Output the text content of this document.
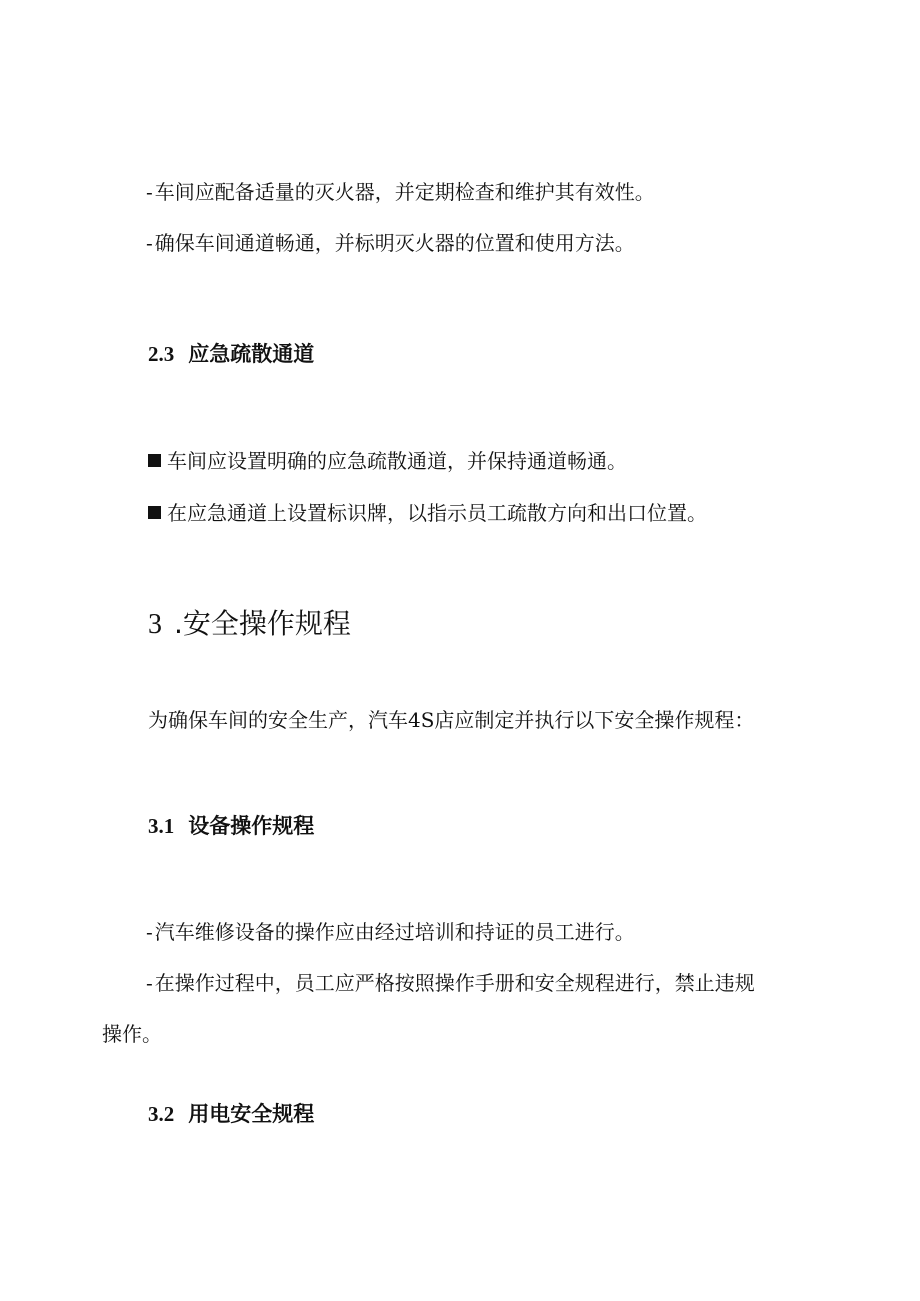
- 车间应配备适量的灭火器，并定期检查和维护其有效性。
- 确保车间通道畅通，并标明灭火器的位置和使用方法。
2.3 应急疏散通道
车间应设置明确的应急疏散通道，并保持通道畅通。
在应急通道上设置标识牌，以指示员工疏散方向和出口位置。
3 .安全操作规程
为确保车间的安全生产，汽车4S店应制定并执行以下安全操作规程：
3.1 设备操作规程
- 汽车维修设备的操作应由经过培训和持证的员工进行。
- 在操作过程中，员工应严格按照操作手册和安全规程进行，禁止违规
操作。
3.2 用电安全规程
